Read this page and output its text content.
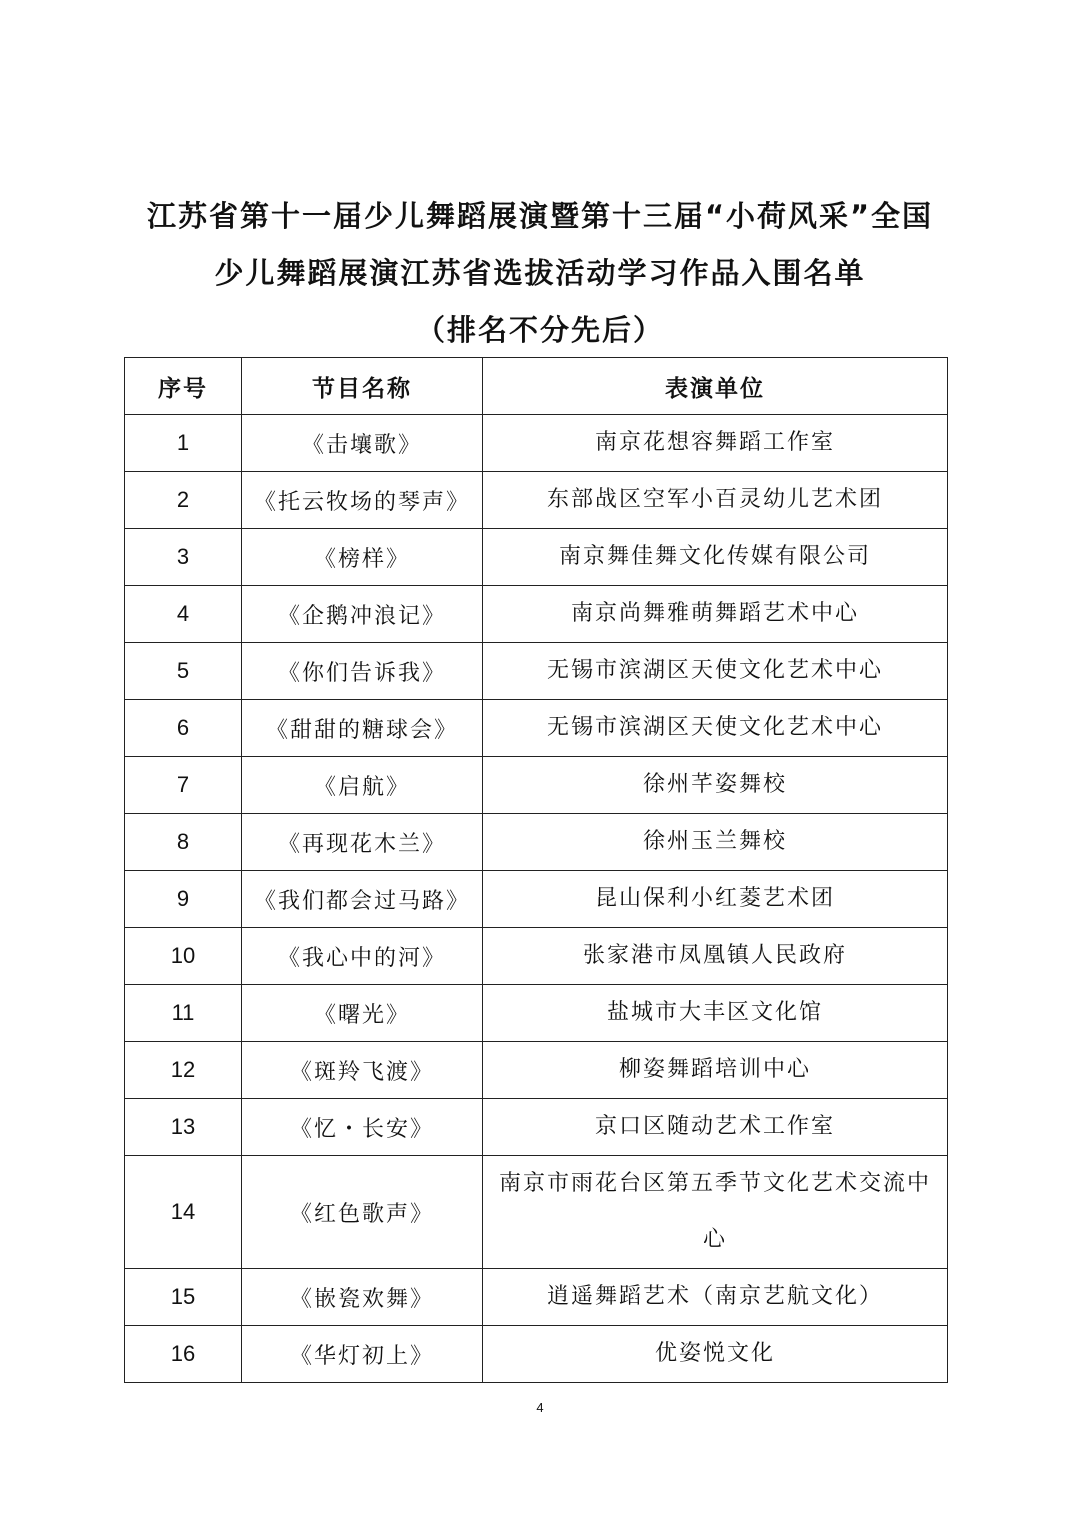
江苏省第十一届少儿舞蹈展演暨第十三届“小荷风采”全国
少儿舞蹈展演江苏省选拔活动学习作品入围名单
（排名不分先后）
序号	节目名称	表演单位
1	《击壤歌》	南京花想容舞蹈工作室
2	《托云牧场的琴声》	东部战区空军小百灵幼儿艺术团
3	《榜样》	南京舞佳舞文化传媒有限公司
4	《企鹅冲浪记》	南京尚舞雅萌舞蹈艺术中心
5	《你们告诉我》	无锡市滨湖区天使文化艺术中心
6	《甜甜的糖球会》	无锡市滨湖区天使文化艺术中心
7	《启航》	徐州芊姿舞校
8	《再现花木兰》	徐州玉兰舞校
9	《我们都会过马路》	昆山保利小红菱艺术团
10	《我心中的河》	张家港市凤凰镇人民政府
11	《曙光》	盐城市大丰区文化馆
12	《斑羚飞渡》	柳姿舞蹈培训中心
13	《忆・长安》	京口区随动艺术工作室
14	《红色歌声》	南京市雨花台区第五季节文化艺术交流中心
15	《嵌瓷欢舞》	逍遥舞蹈艺术（南京艺航文化）
16	《华灯初上》	优姿悦文化
4
